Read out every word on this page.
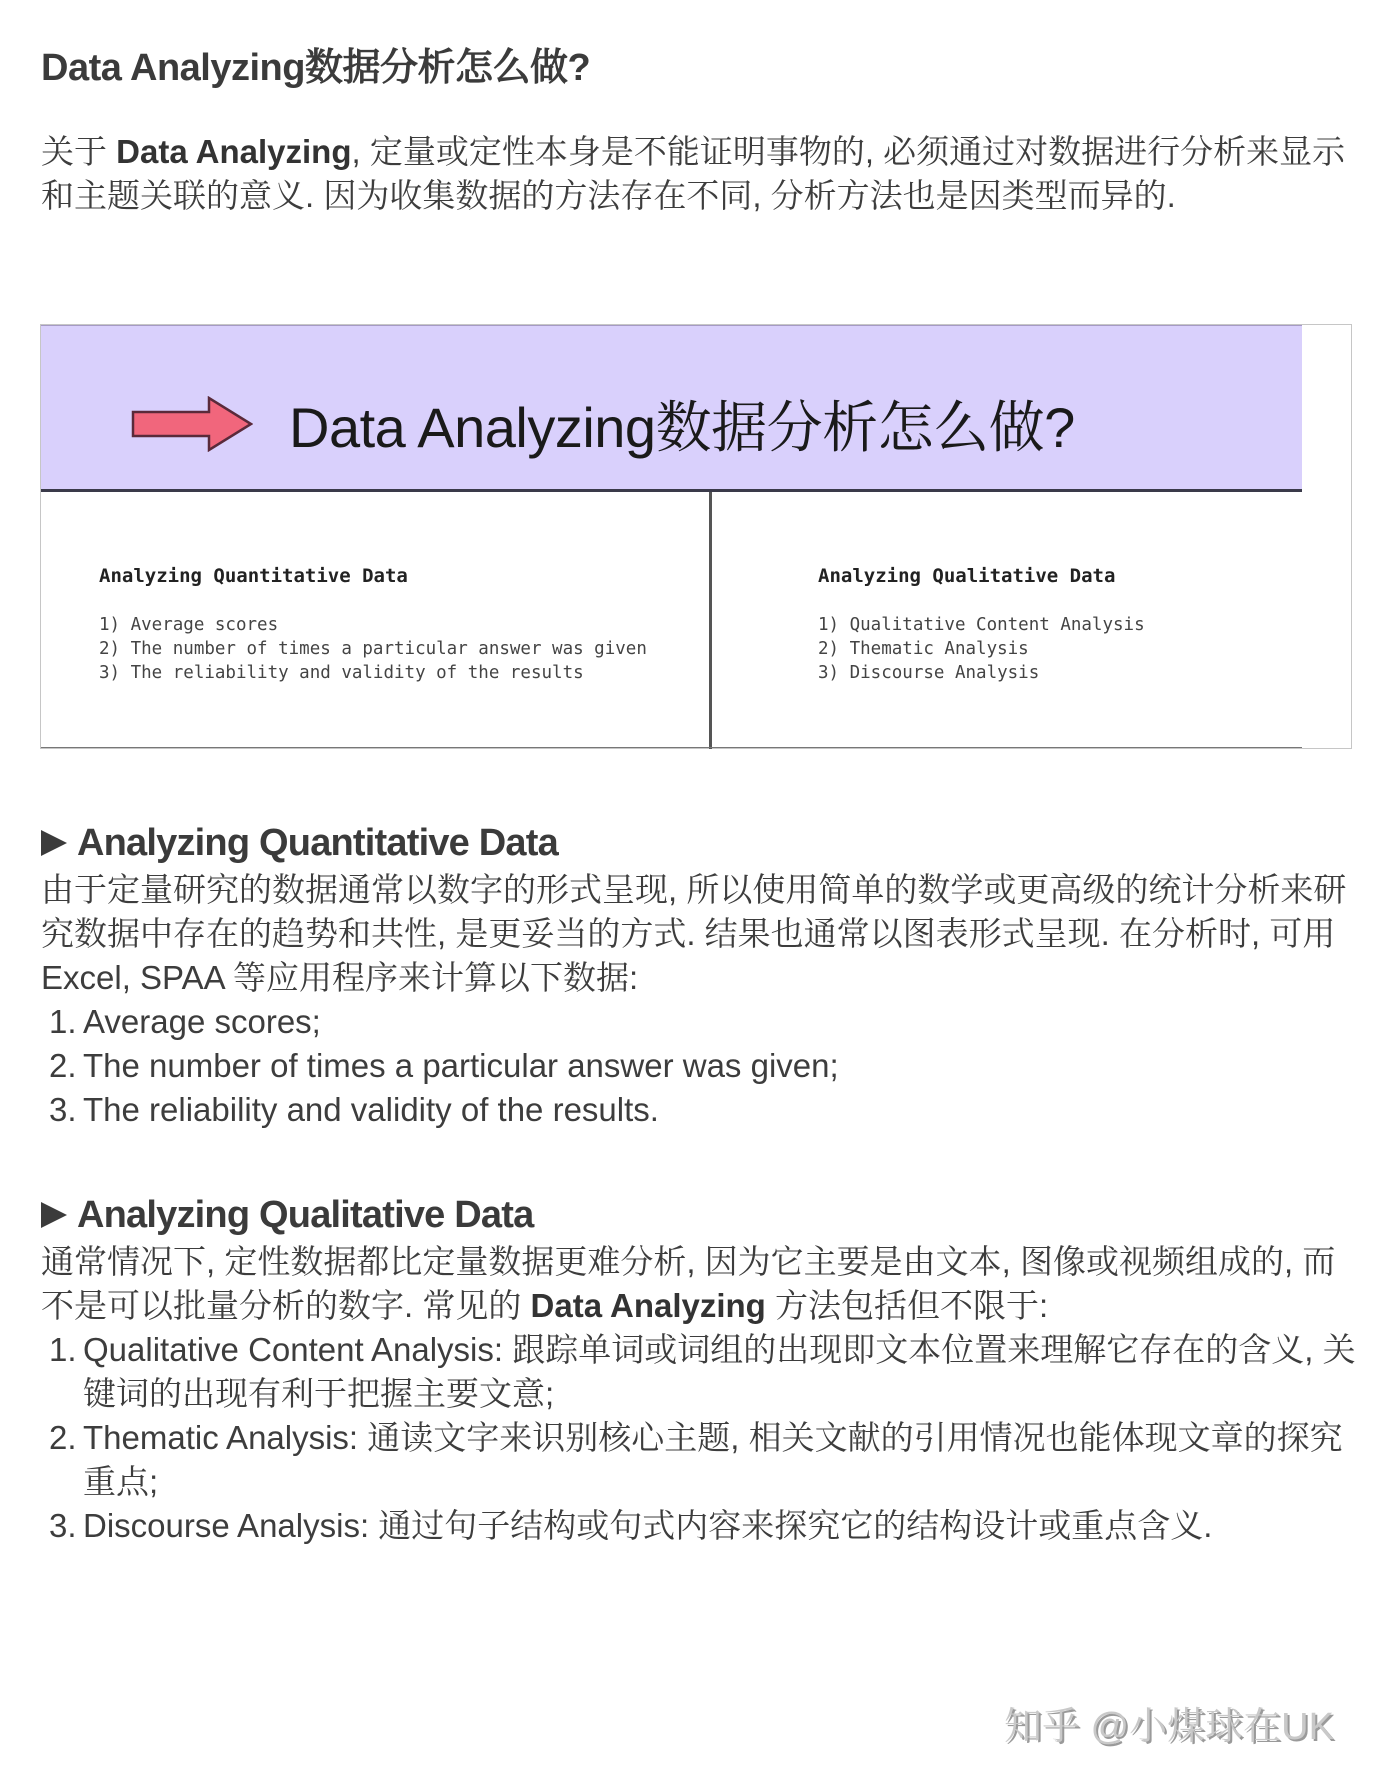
Data Analyzing数据分析怎么做?

关于 Data Analyzing, 定量或定性本身是不能证明事物的, 必须通过对数据进行分析来显示和主题关联的意义. 因为收集数据的方法存在不同, 分析方法也是因类型而异的.

Data Analyzing数据分析怎么做?
Analyzing Quantitative Data
1) Average scores
2) The number of times a particular answer was given
3) The reliability and validity of the results
Analyzing Qualitative Data
1) Qualitative Content Analysis
2) Thematic Analysis
3) Discourse Analysis
Analyzing Quantitative Data

由于定量研究的数据通常以数字的形式呈现, 所以使用简单的数学或更高级的统计分析来研究数据中存在的趋势和共性, 是更妥当的方式. 结果也通常以图表形式呈现. 在分析时, 可用 Excel, SPAA 等应用程序来计算以下数据:

1. Average scores;
2. The number of times a particular answer was given;
3. The reliability and validity of the results.
Analyzing Qualitative Data

通常情况下, 定性数据都比定量数据更难分析, 因为它主要是由文本, 图像或视频组成的, 而不是可以批量分析的数字. 常见的 Data Analyzing 方法包括但不限于:

1. Qualitative Content Analysis: 跟踪单词或词组的出现即文本位置来理解它存在的含义, 关键词的出现有利于把握主要文意;
2. Thematic Analysis: 通读文字来识别核心主题, 相关文献的引用情况也能体现文章的探究重点;
3. Discourse Analysis: 通过句子结构或句式内容来探究它的结构设计或重点含义.
知乎 @小煤球在UK
